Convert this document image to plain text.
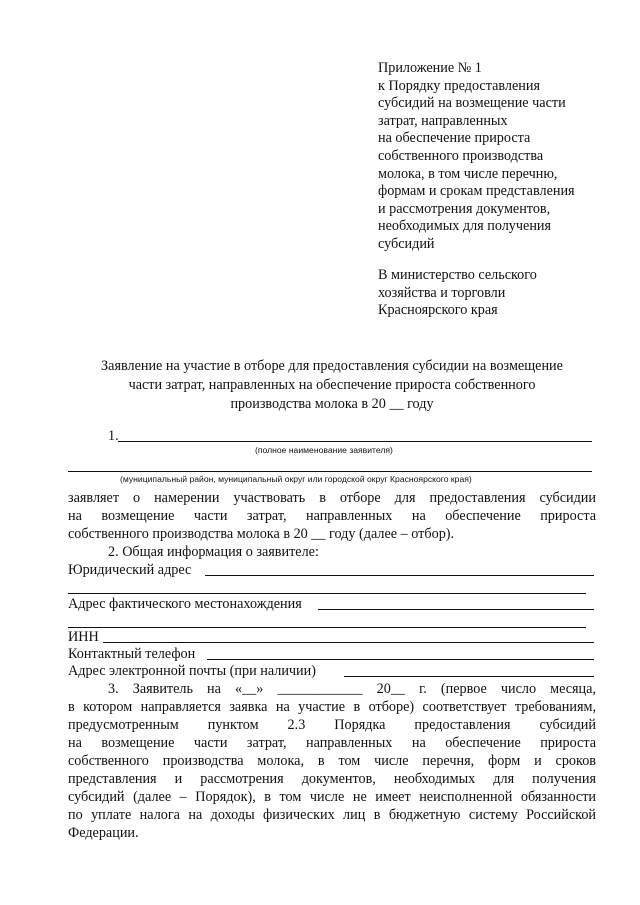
Приложение № 1
к Порядку предоставления
субсидий на возмещение части
затрат, направленных
на обеспечение прироста
собственного производства
молока, в том числе перечню,
формам и срокам представления
и рассмотрения документов,
необходимых для получения
субсидий
В министерство сельского
хозяйства и торговли
Красноярского края
Заявление на участие в отборе для предоставления субсидии на возмещение
части затрат, направленных на обеспечение прироста собственного
производства молока в 20 __ году
1.
(полное наименование заявителя)
(муниципальный район, муниципальный округ или городской округ Красноярского края)
заявляет о намерении участвовать в отборе для предоставления субсидии
на возмещение части затрат, направленных на обеспечение прироста
собственного производства молока в 20 __ году (далее – отбор).
2. Общая информация о заявителе:
Юридический адрес
Адрес фактического местонахождения
ИНН
Контактный телефон
Адрес электронной почты (при наличии)
3. Заявитель на «__» ____________ 20__ г. (первое число месяца,
в котором направляется заявка на участие в отборе) соответствует требованиям,
предусмотренным пунктом 2.3 Порядка предоставления субсидий
на возмещение части затрат, направленных на обеспечение прироста
собственного производства молока, в том числе перечня, форм и сроков
представления и рассмотрения документов, необходимых для получения
субсидий (далее – Порядок), в том числе не имеет неисполненной обязанности
по уплате налога на доходы физических лиц в бюджетную систему Российской
Федерации.
